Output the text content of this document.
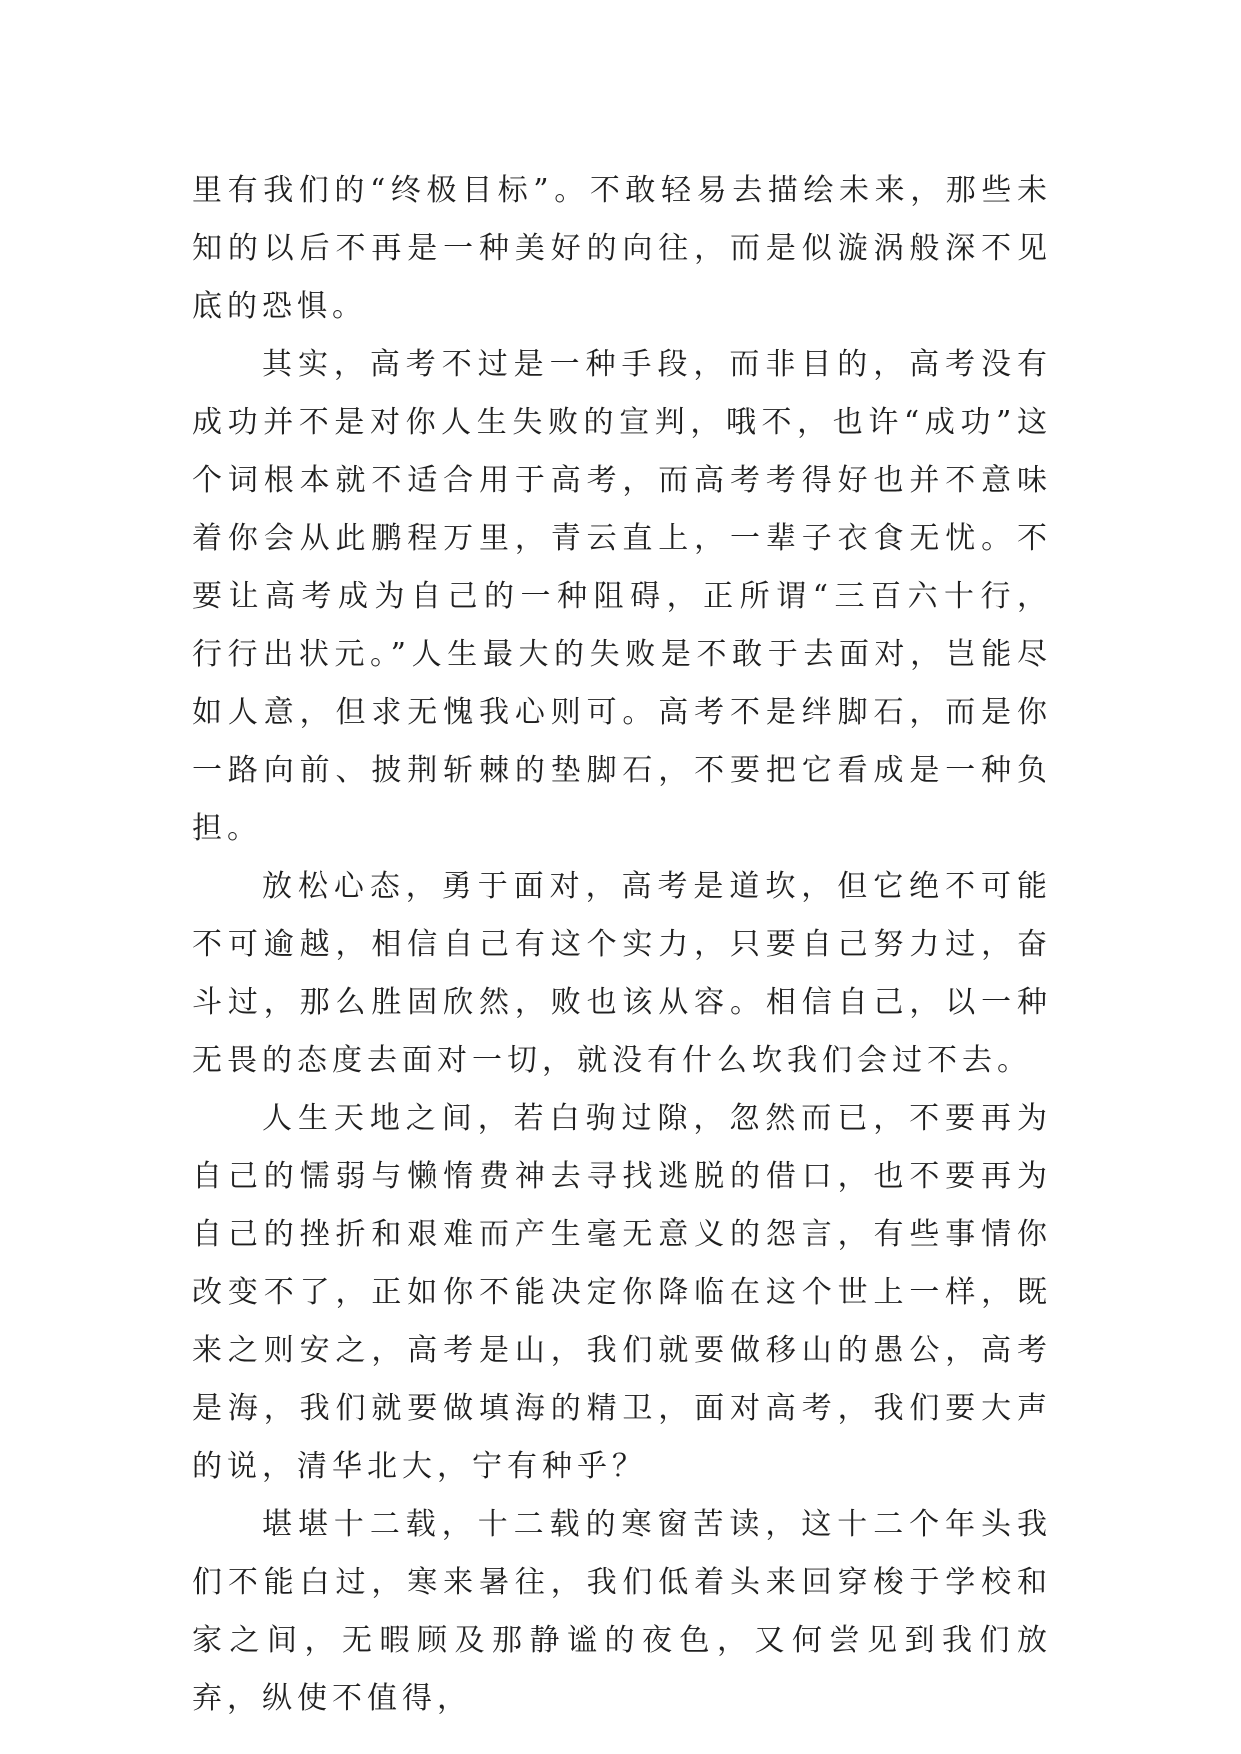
里有我们的“终极目标”。不敢轻易去描绘未来，那些未知的以后不再是一种美好的向往，而是似漩涡般深不见底的恐惧。

其实，高考不过是一种手段，而非目的，高考没有成功并不是对你人生失败的宣判，哦不，也许“成功”这个词根本就不适合用于高考，而高考考得好也并不意味着你会从此鹏程万里，青云直上，一辈子衣食无忧。不要让高考成为自己的一种阻碍，正所谓“三百六十行，行行出状元。”人生最大的失败是不敢于去面对，岂能尽如人意，但求无愧我心则可。高考不是绊脚石，而是你一路向前、披荆斩棘的垫脚石，不要把它看成是一种负担。

放松心态，勇于面对，高考是道坎，但它绝不可能不可逾越，相信自己有这个实力，只要自己努力过，奋斗过，那么胜固欣然，败也该从容。相信自己，以一种无畏的态度去面对一切，就没有什么坎我们会过不去。

人生天地之间，若白驹过隙，忽然而已，不要再为自己的懦弱与懒惰费神去寻找逃脱的借口，也不要再为自己的挫折和艰难而产生毫无意义的怨言，有些事情你改变不了，正如你不能决定你降临在这个世上一样，既来之则安之，高考是山，我们就要做移山的愚公，高考是海，我们就要做填海的精卫，面对高考，我们要大声的说，清华北大，宁有种乎？

堪堪十二载，十二载的寒窗苦读，这十二个年头我们不能白过，寒来暑往，我们低着头来回穿梭于学校和家之间，无暇顾及那静谧的夜色，又何尝见到我们放弃，纵使不值得，
